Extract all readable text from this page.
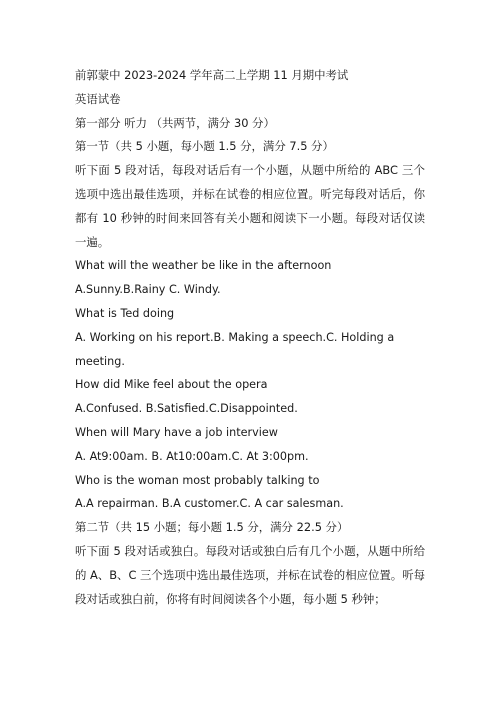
前郭蒙中 2023-2024 学年高二上学期 11 月期中考试
英语试卷
第一部分 听力 （共两节，满分 30 分）
第一节（共 5 小题，每小题 1.5 分，满分 7.5 分）
听下面 5 段对话，每段对话后有一个小题，从题中所给的 ABC 三个选项中选出最佳选项，并标在试卷的相应位置。听完每段对话后，你都有 10 秒钟的时间来回答有关小题和阅读下一小题。每段对话仅读一遍。
What will the weather be like in the afternoon
A.Sunny.B.Rainy C. Windy.
What is Ted doing
A. Working on his report.B. Making a speech.C. Holding a meeting.
How did Mike feel about the opera
A.Confused. B.Satisfied.C.Disappointed.
When will Mary have a job interview
A. At9:00am. B. At10:00am.C. At 3:00pm.
Who is the woman most probably talking to
A.A repairman. B.A customer.C. A car salesman.
第二节（共 15 小题；每小题 1.5 分，满分 22.5 分）
听下面 5 段对话或独白。每段对话或独白后有几个小题，从题中所给的 A、B、C 三个选项中选出最佳选项，并标在试卷的相应位置。听每段对话或独白前，你将有时间阅读各个小题，每小题 5 秒钟；
